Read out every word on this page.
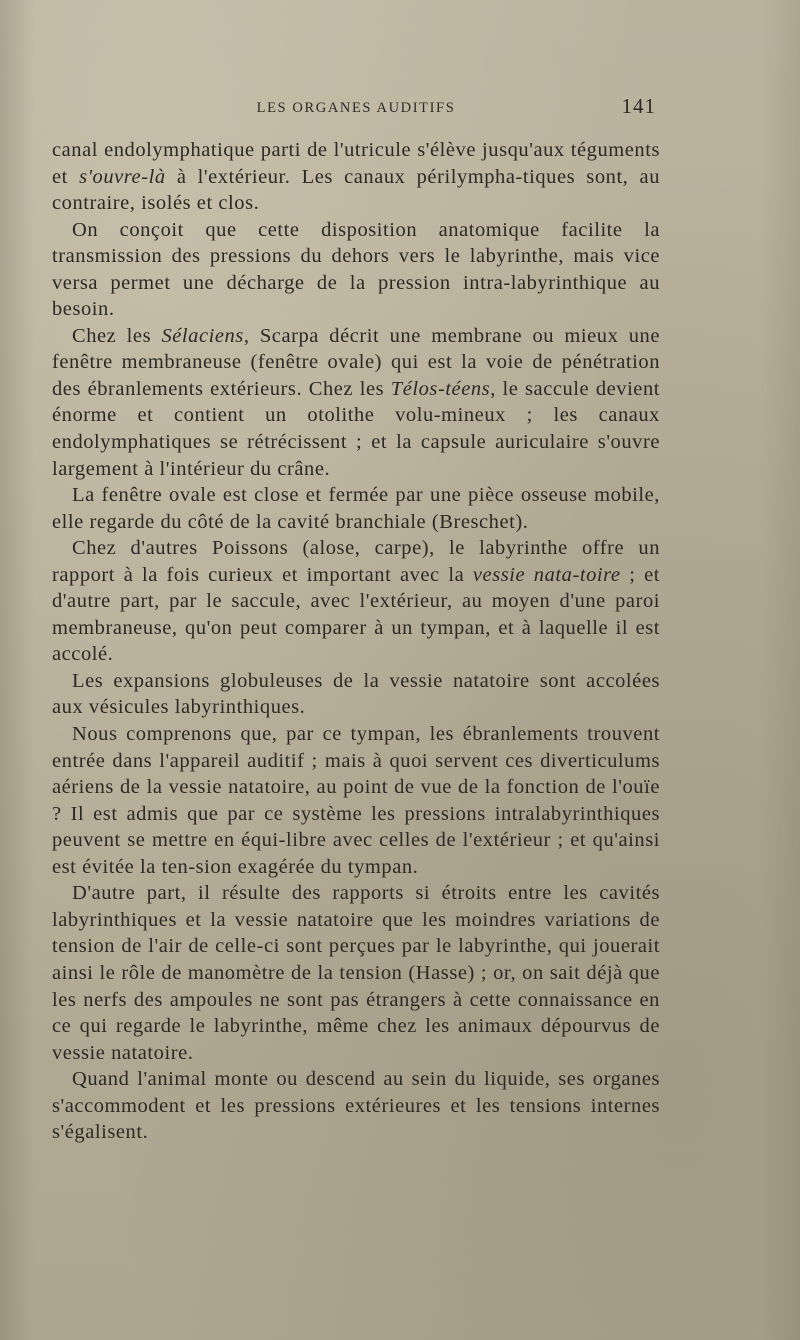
LES ORGANES AUDITIFS	141

canal endolymphatique parti de l'utricule s'élève jusqu'aux téguments et s'ouvre-là à l'extérieur. Les canaux périlympha-tiques sont, au contraire, isolés et clos.

On conçoit que cette disposition anatomique facilite la transmission des pressions du dehors vers le labyrinthe, mais vice versa permet une décharge de la pression intra-labyrinthique au besoin.

Chez les Sélaciens, Scarpa décrit une membrane ou mieux une fenêtre membraneuse (fenêtre ovale) qui est la voie de pénétration des ébranlements extérieurs. Chez les Télos-téens, le saccule devient énorme et contient un otolithe volu-mineux ; les canaux endolymphatiques se rétrécissent ; et la capsule auriculaire s'ouvre largement à l'intérieur du crâne.

La fenêtre ovale est close et fermée par une pièce osseuse mobile, elle regarde du côté de la cavité branchiale (Breschet).

Chez d'autres Poissons (alose, carpe), le labyrinthe offre un rapport à la fois curieux et important avec la vessie nata-toire ; et d'autre part, par le saccule, avec l'extérieur, au moyen d'une paroi membraneuse, qu'on peut comparer à un tympan, et à laquelle il est accolé.

Les expansions globuleuses de la vessie natatoire sont accolées aux vésicules labyrinthiques.

Nous comprenons que, par ce tympan, les ébranlements trouvent entrée dans l'appareil auditif ; mais à quoi servent ces diverticulums aériens de la vessie natatoire, au point de vue de la fonction de l'ouïe ? Il est admis que par ce système les pressions intralabyrinthiques peuvent se mettre en équi-libre avec celles de l'extérieur ; et qu'ainsi est évitée la ten-sion exagérée du tympan.

D'autre part, il résulte des rapports si étroits entre les cavités labyrinthiques et la vessie natatoire que les moindres variations de tension de l'air de celle-ci sont perçues par le labyrinthe, qui jouerait ainsi le rôle de manomètre de la tension (Hasse) ; or, on sait déjà que les nerfs des ampoules ne sont pas étrangers à cette connaissance en ce qui regarde le labyrinthe, même chez les animaux dépourvus de vessie natatoire.

Quand l'animal monte ou descend au sein du liquide, ses organes s'accommodent et les pressions extérieures et les tensions internes s'égalisent.
